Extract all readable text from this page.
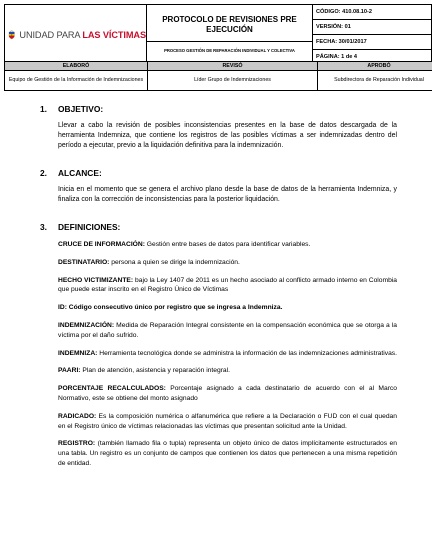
UNIDAD PARA LAS VÍCTIMAS

PROTOCOLO DE REVISIONES PRE EJECUCIÓN
PROCESO GESTIÓN DE REPARACIÓN INDIVIDUAL Y COLECTIVA

CÓDIGO: 410.08.10-2
VERSIÓN: 01
FECHA: 30/01/2017
PÁGINA: 1 de 4
ELABORÓ	REVISÓ	APROBÓ
Equipo de Gestión de la Información de Indemnizaciones	Líder Grupo de Indemnizaciones	Subdirectora de Reparación Individual
1.	OBJETIVO:
Llevar a cabo la revisión de posibles inconsistencias presentes en la base de datos descargada de la herramienta Indemniza, que contiene los registros de las posibles víctimas a ser indemnizadas dentro del período a ejecutar, previo a la liquidación definitiva para la indemnización.
2.	ALCANCE:
Inicia en el momento que se genera el archivo plano desde la base de datos de la herramienta Indemniza, y finaliza con la corrección de inconsistencias para la posterior liquidación.
3.	DEFINICIONES:
CRUCE DE INFORMACIÓN: Gestión entre bases de datos para identificar variables.
DESTINATARIO: persona a quien se dirige la indemnización.
HECHO VICTIMIZANTE: bajo la Ley 1407 de 2011 es un hecho asociado al conflicto armado interno en Colombia que puede estar inscrito en el Registro Único de Víctimas
ID: Código consecutivo único por registro que se ingresa a Indemniza.
INDEMNIZACIÓN: Medida de Reparación Integral consistente en la compensación económica que se otorga a la víctima por el daño sufrido.
INDEMNIZA: Herramienta tecnológica donde se administra la información de las indemnizaciones administrativas.
PAARI: Plan de atención, asistencia y reparación integral.
PORCENTAJE RECALCULADOS: Porcentaje asignado a cada destinatario de acuerdo con el al Marco Normativo, este se obtiene del monto asignado
RADICADO: Es la composición numérica o alfanumérica que refiere a la Declaración o FUD con el cual quedan en el Registro único de víctimas relacionadas las víctimas que presentan solicitud ante la Unidad.
REGISTRO: (también llamado fila o tupla) representa un objeto único de datos implícitamente estructurados en una tabla. Un registro es un conjunto de campos que contienen los datos que pertenecen a una misma repetición de entidad.
